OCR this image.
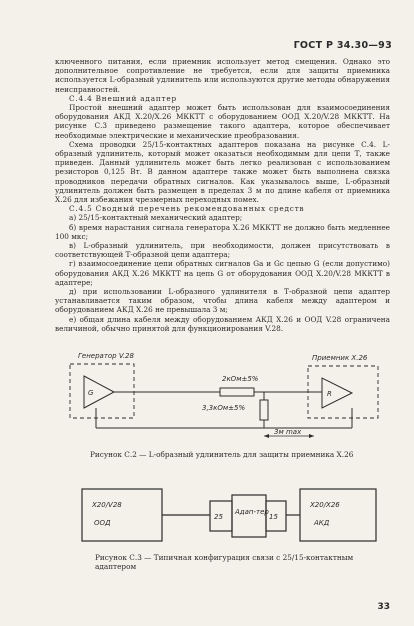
ГОСТ Р 34.30—93

ключенного питания, если приемник использует метод смещения. Однако это дополнительное сопротивление не требуется, если для защиты приемника используется L-образный удлинитель или используются другие методы обнаружения неисправностей.

С.4.4 Внешний адаптер

Простой внешний адаптер может быть использован для взаимосоединения оборудования АКД X.20/X.26 МККТТ с оборудованием ООД X.20/V.28 МККТТ. На рисунке С.3 приведено размещение такого адаптера, которое обеспечивает необходимые электрические и механические преобразования.

Схема проводки 25/15-контактных адаптеров показана на рисунке С.4. L-образный удлинитель, который может оказаться необходимым для цепи Т, также приведен. Данный удлинитель может быть легко реализован с использованием резисторов 0,125 Вт. В данном адаптере также может быть выполнена связка проводников передачи обратных сигналов. Как указывалось выше, L-образный удлинитель должен быть размещен в пределах 3 м по длине кабеля от приемника X.26 для избежания чрезмерных переходных помех.

С.4.5 Сводный перечень рекомендованных средств

а) 25/15-контактный механический адаптер;

б) время нарастания сигнала генератора X.26 МККТТ не должно быть медленнее 100 мкс;

в) L-образный удлинитель, при необходимости, должен присутствовать в соответствующей Т-образной цепи адаптера;

г) взаимосоединение цепи обратных сигналов Ga и Gc цепью G (если допустимо) оборудования АКД X.26 МККТТ на цепь G от оборудования ООД X.20/V.28 МККТТ в адаптере;

д) при использовании L-образного удлинителя в Т-образной цепи адаптер устанавливается таким образом, чтобы длина кабеля между адаптером и оборудованием АКД X.26 не превышала 3 м;

е) общая длина кабеля между оборудованием АКД X.26 и ООД V.28 ограничена величиной, обычно принятой для функционирования V.28.

Генератор V.28	Приемник X.26
G	R
2кОм±5%
3,3кОм±5%
3м max
Рисунок С.2 — L-образный удлинитель для защиты приемника X.26
X20/V28
ООД
25
Адап-тер
15
X20/X26
АКД
Рисунок С.3 — Типичная конфигурация связи с 25/15-контактным адаптером
33
